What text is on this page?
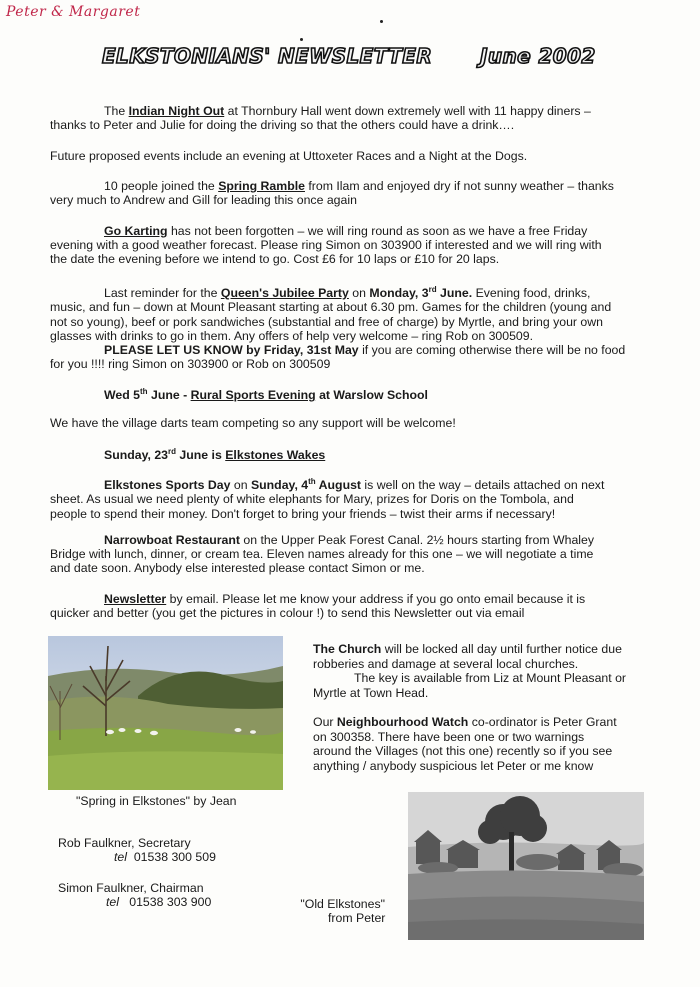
Peter & Margaret
ELKSTONIANS' NEWSLETTER June 2002

The Indian Night Out at Thornbury Hall went down extremely well with 11 happy diners –

thanks to Peter and Julie for doing the driving so that the others could have a drink….

Future proposed events include an evening at Uttoxeter Races and a Night at the Dogs.

10 people joined the Spring Ramble from Ilam and enjoyed dry if not sunny weather – thanks

very much to Andrew and Gill for leading this once again

Go Karting has not been forgotten – we will ring round as soon as we have a free Friday

evening with a good weather forecast. Please ring Simon on 303900 if interested and we will ring with

the date the evening before we intend to go. Cost £6 for 10 laps or £10 for 20 laps.

Last reminder for the Queen's Jubilee Party on Monday, 3rd June. Evening food, drinks,

music, and fun – down at Mount Pleasant starting at about 6.30 pm. Games for the children (young and

not so young), beef or pork sandwiches (substantial and free of charge) by Myrtle, and bring your own

glasses with drinks to go in them. Any offers of help very welcome – ring Rob on 300509.

PLEASE LET US KNOW by Friday, 31st May if you are coming otherwise there will be no food

for you !!!! ring Simon on 303900 or Rob on 300509

Wed 5th June - Rural Sports Evening at Warslow School

We have the village darts team competing so any support will be welcome!

Sunday, 23rd June is Elkstones Wakes

Elkstones Sports Day on Sunday, 4th August is well on the way – details attached on next

sheet. As usual we need plenty of white elephants for Mary, prizes for Doris on the Tombola, and

people to spend their money. Don't forget to bring your friends – twist their arms if necessary!

Narrowboat Restaurant on the Upper Peak Forest Canal. 2½ hours starting from Whaley

Bridge with lunch, dinner, or cream tea. Eleven names already for this one – we will negotiate a time

and date soon. Anybody else interested please contact Simon or me.

Newsletter by email. Please let me know your address if you go onto email because it is

quicker and better (you get the pictures in colour !) to send this Newsletter out via email

"Spring in Elkstones" by Jean

The Church will be locked all day until further notice due

robberies and damage at several local churches.

The key is available from Liz at Mount Pleasant or

Myrtle at Town Head.

Our Neighbourhood Watch co-ordinator is Peter Grant

on 300358. There have been one or two warnings

around the Villages (not this one) recently so if you see

anything / anybody suspicious let Peter or me know

Rob Faulkner, Secretary
tel 01538 300 509
Simon Faulkner, Chairman
tel 01538 303 900	"Old Elkstones"
from Peter
